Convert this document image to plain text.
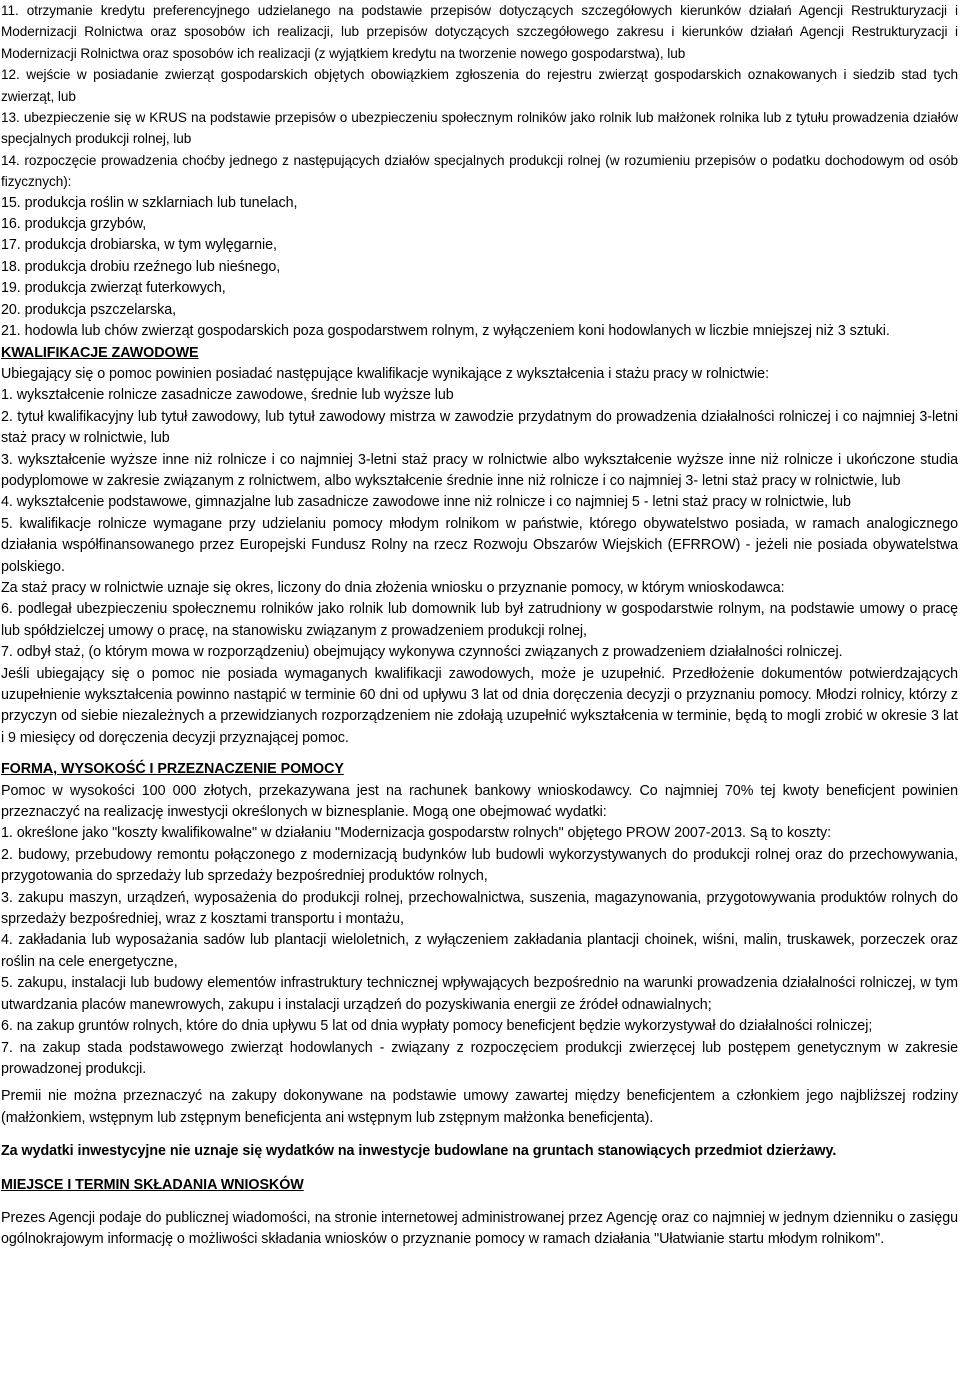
11. otrzymanie kredytu preferencyjnego udzielanego na podstawie przepisów dotyczących szczegółowych kierunków działań Agencji Restrukturyzacji i Modernizacji Rolnictwa oraz sposobów ich realizacji, lub przepisów dotyczących szczegółowego zakresu i kierunków działań Agencji Restrukturyzacji i Modernizacji Rolnictwa oraz sposobów ich realizacji (z wyjątkiem kredytu na tworzenie nowego gospodarstwa), lub

12. wejście w posiadanie zwierząt gospodarskich objętych obowiązkiem zgłoszenia do rejestru zwierząt gospodarskich oznakowanych i siedzib stad tych zwierząt, lub

13. ubezpieczenie się w KRUS na podstawie przepisów o ubezpieczeniu społecznym rolników jako rolnik lub małżonek rolnika lub z tytułu prowadzenia działów specjalnych produkcji rolnej, lub

14. rozpoczęcie prowadzenia choćby jednego z następujących działów specjalnych produkcji rolnej (w rozumieniu przepisów o podatku dochodowym od osób fizycznych):

15. produkcja roślin w szklarniach lub tunelach,

16. produkcja grzybów,

17. produkcja drobiarska, w tym wylęgarnie,

18. produkcja drobiu rzeźnego lub nieśnego,

19. produkcja zwierząt futerkowych,

20. produkcja pszczelarska,

21. hodowla lub chów zwierząt gospodarskich poza gospodarstwem rolnym, z wyłączeniem koni hodowlanych w liczbie mniejszej niż 3 sztuki.

KWALIFIKACJE ZAWODOWE

Ubiegający się o pomoc powinien posiadać następujące kwalifikacje wynikające z wykształcenia i stażu pracy w rolnictwie:

1. wykształcenie rolnicze zasadnicze zawodowe, średnie lub wyższe lub

2. tytuł kwalifikacyjny lub tytuł zawodowy, lub tytuł zawodowy mistrza w zawodzie przydatnym do prowadzenia działalności rolniczej i co najmniej 3-letni staż pracy w rolnictwie, lub

3. wykształcenie wyższe inne niż rolnicze i co najmniej 3-letni staż pracy w rolnictwie albo wykształcenie wyższe inne niż rolnicze i ukończone studia podyplomowe w zakresie związanym z rolnictwem, albo wykształcenie średnie inne niż rolnicze i co najmniej 3- letni staż pracy w rolnictwie, lub

4. wykształcenie podstawowe, gimnazjalne lub zasadnicze zawodowe inne niż rolnicze i co najmniej 5 - letni staż pracy w rolnictwie, lub

5. kwalifikacje rolnicze wymagane przy udzielaniu pomocy młodym rolnikom w państwie, którego obywatelstwo posiada, w ramach analogicznego działania współfinansowanego przez Europejski Fundusz Rolny na rzecz Rozwoju Obszarów Wiejskich (EFRROW) - jeżeli nie posiada obywatelstwa polskiego.

Za staż pracy w rolnictwie uznaje się okres, liczony do dnia złożenia wniosku o przyznanie pomocy, w którym wnioskodawca:

6. podlegał ubezpieczeniu społecznemu rolników jako rolnik lub domownik lub był zatrudniony w gospodarstwie rolnym, na podstawie umowy o pracę lub spółdzielczej umowy o pracę, na stanowisku związanym z prowadzeniem produkcji rolnej,

7. odbył staż, (o którym mowa w rozporządzeniu) obejmujący wykonywa czynności związanych z prowadzeniem działalności rolniczej.

Jeśli ubiegający się o pomoc nie posiada wymaganych kwalifikacji zawodowych, może je uzupełnić. Przedłożenie dokumentów potwierdzających uzupełnienie wykształcenia powinno nastąpić w terminie 60 dni od upływu 3 lat od dnia doręczenia decyzji o przyznaniu pomocy. Młodzi rolnicy, którzy z przyczyn od siebie niezależnych a przewidzianych rozporządzeniem nie zdołają uzupełnić wykształcenia w terminie, będą to mogli zrobić w okresie 3 lat i 9 miesięcy od doręczenia decyzji przyznającej pomoc.

FORMA, WYSOKOŚĆ I PRZEZNACZENIE POMOCY

Pomoc w wysokości 100 000 złotych, przekazywana jest na rachunek bankowy wnioskodawcy. Co najmniej 70% tej kwoty beneficjent powinien przeznaczyć na realizację inwestycji określonych w biznesplanie. Mogą one obejmować wydatki:

1. określone jako "koszty kwalifikowalne" w działaniu "Modernizacja gospodarstw rolnych" objętego PROW 2007-2013. Są to koszty:

2. budowy, przebudowy remontu połączonego z modernizacją budynków lub budowli wykorzystywanych do produkcji rolnej oraz do przechowywania, przygotowania do sprzedaży lub sprzedaży bezpośredniej produktów rolnych,

3. zakupu maszyn, urządzeń, wyposażenia do produkcji rolnej, przechowalnictwa, suszenia, magazynowania, przygotowywania produktów rolnych do sprzedaży bezpośredniej, wraz z kosztami transportu i montażu,

4. zakładania lub wyposażania sadów lub plantacji wieloletnich, z wyłączeniem zakładania plantacji choinek, wiśni, malin, truskawek, porzeczek oraz roślin na cele energetyczne,

5. zakupu, instalacji lub budowy elementów infrastruktury technicznej wpływających bezpośrednio na warunki prowadzenia działalności rolniczej, w tym utwardzania placów manewrowych, zakupu i instalacji urządzeń do pozyskiwania energii ze źródeł odnawialnych;

6. na zakup gruntów rolnych, które do dnia upływu 5 lat od dnia wypłaty pomocy beneficjent będzie wykorzystywał do działalności rolniczej;

7. na zakup stada podstawowego zwierząt hodowlanych - związany z rozpoczęciem produkcji zwierzęcej lub postępem genetycznym w zakresie prowadzonej produkcji.

Premii nie można przeznaczyć na zakupy dokonywane na podstawie umowy zawartej między beneficjentem a członkiem jego najbliższej rodziny (małżonkiem, wstępnym lub zstępnym beneficjenta ani wstępnym lub zstępnym małżonka beneficjenta).

Za wydatki inwestycyjne nie uznaje się wydatków na inwestycje budowlane na gruntach stanowiących przedmiot dzierżawy.

MIEJSCE I TERMIN SKŁADANIA WNIOSKÓW

Prezes Agencji podaje do publicznej wiadomości, na stronie internetowej administrowanej przez Agencję oraz co najmniej w jednym dzienniku o zasięgu ogólnokrajowym informację o możliwości składania wniosków o przyznanie pomocy w ramach działania "Ułatwianie startu młodym rolnikom".
